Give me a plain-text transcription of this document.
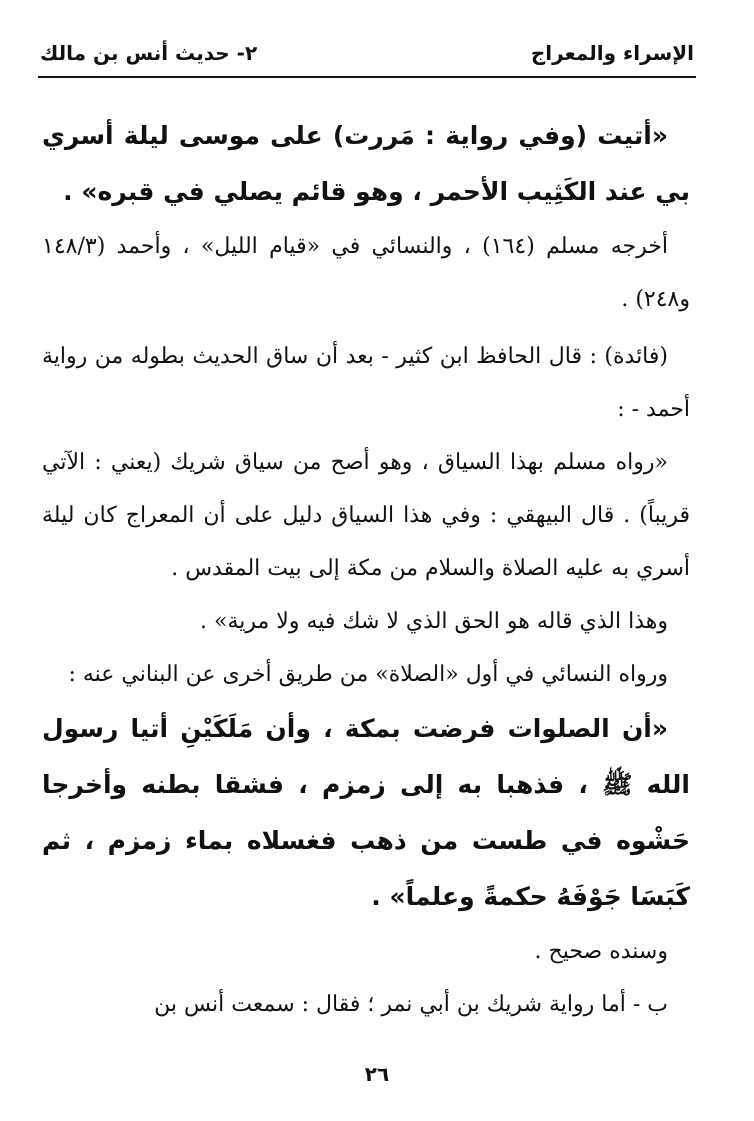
الإسراء والمعراج
٢- حديث أنس بن مالك

«أتيت (وفي رواية : مَررت) على موسى ليلة أسري بي عند الكَثِيب الأحمر ، وهو قائم يصلي في قبره» .

أخرجه مسلم (١٦٤) ، والنسائي في «قيام الليل» ، وأحمد (١٤٨/٣ و٢٤٨) .

(فائدة) : قال الحافظ ابن كثير - بعد أن ساق الحديث بطوله من رواية أحمد - :

«رواه مسلم بهذا السياق ، وهو أصح من سياق شريك (يعني : الآتي قريباً) . قال البيهقي : وفي هذا السياق دليل على أن المعراج كان ليلة أسري به عليه الصلاة والسلام من مكة إلى بيت المقدس .

وهذا الذي قاله هو الحق الذي لا شك فيه ولا مرية» .

ورواه النسائي في أول «الصلاة» من طريق أخرى عن البناني عنه :

«أن الصلوات فرضت بمكة ، وأن مَلَكَيْنِ أتيا رسول الله ﷺ ، فذهبا به إلى زمزم ، فشقا بطنه وأخرجا حَشْوه في طست من ذهب فغسلاه بماء زمزم ، ثم كَبَسَا جَوْفَهُ حكمةً وعلماً» .

وسنده صحيح .

ب - أما رواية شريك بن أبي نمر ؛ فقال : سمعت أنس بن

٢٦
